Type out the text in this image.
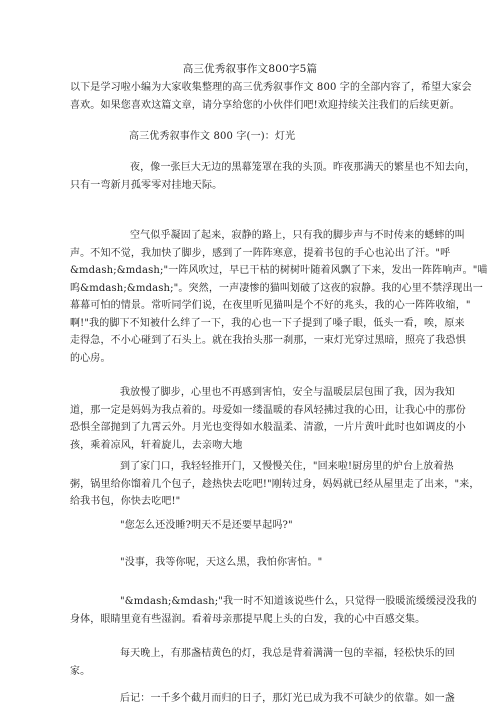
高三优秀叙事作文800字5篇
以下是学习啦小编为大家收集整理的高三优秀叙事作文 800 字的全部内容了，希望大家会
喜欢。如果您喜欢这篇文章，请分享给您的小伙伴们吧!欢迎持续关注我们的后续更新。
高三优秀叙事作文 800 字(一)：灯光
夜，像一张巨大无边的黑幕笼罩在我的头顶。昨夜那满天的繁星也不知去向，
只有一弯新月孤零零对挂地天际。
空气似乎凝固了起来，寂静的路上，只有我的脚步声与不时传来的蟋蟀的叫
声。不知不觉，我加快了脚步，感到了一阵阵寒意，提着书包的手心也沁出了汗。"呼
&mdash;&mdash;"一阵风吹过，早已干枯的树树叶随着风飘了下来，发出一阵阵响声。"喵
呜&mdash;&mdash;"。突然，一声凄惨的猫叫划破了这夜的寂静。我的心里不禁浮现出一
幕幕可怕的情景。常听同学们说，在夜里听见猫叫是个不好的兆头，我的心一阵阵收缩，"
啊!"我的脚下不知被什么绊了一下，我的心也一下子提到了嗓子眼，低头一看，唉，原来
走得急，不小心碰到了石头上。就在我抬头那一刹那，一束灯光穿过黑暗，照亮了我恐惧
的心房。
我放慢了脚步，心里也不再感到害怕，安全与温暖层层包围了我，因为我知
道，那一定是妈妈为我点着的。母爱如一缕温暖的春风轻拂过我的心田，让我心中的那份
恐惧全部抛到了九霄云外。月光也变得如水般温柔、清澈，一片片黄叶此时也如调皮的小
孩，乘着凉风，轩着旋儿，去亲吻大地
到了家门口，我轻轻推开门，又慢慢关住，"回来啦!厨房里的炉台上放着热
粥，锅里给你馏着几个包子，趁热快去吃吧!"刚转过身，妈妈就已经从屋里走了出来，"来，
给我书包，你快去吃吧!"
"您怎么还没睡?明天不是还要早起吗?"
"没事，我等你呢，天这么黑，我怕你害怕。"
"&mdash;&mdash;"我一时不知道该说些什么，只觉得一股暖流缓缓浸没我的
身体，眼睛里竟有些湿润。看着母亲那提早爬上头的白发，我的心中百感交集。
每天晚上，有那盏桔黄色的灯，我总是背着满满一包的幸福，轻松快乐的回
家。
后记：一千多个截月而归的日子，那灯光已成为我不可缺少的依靠。如一盏
